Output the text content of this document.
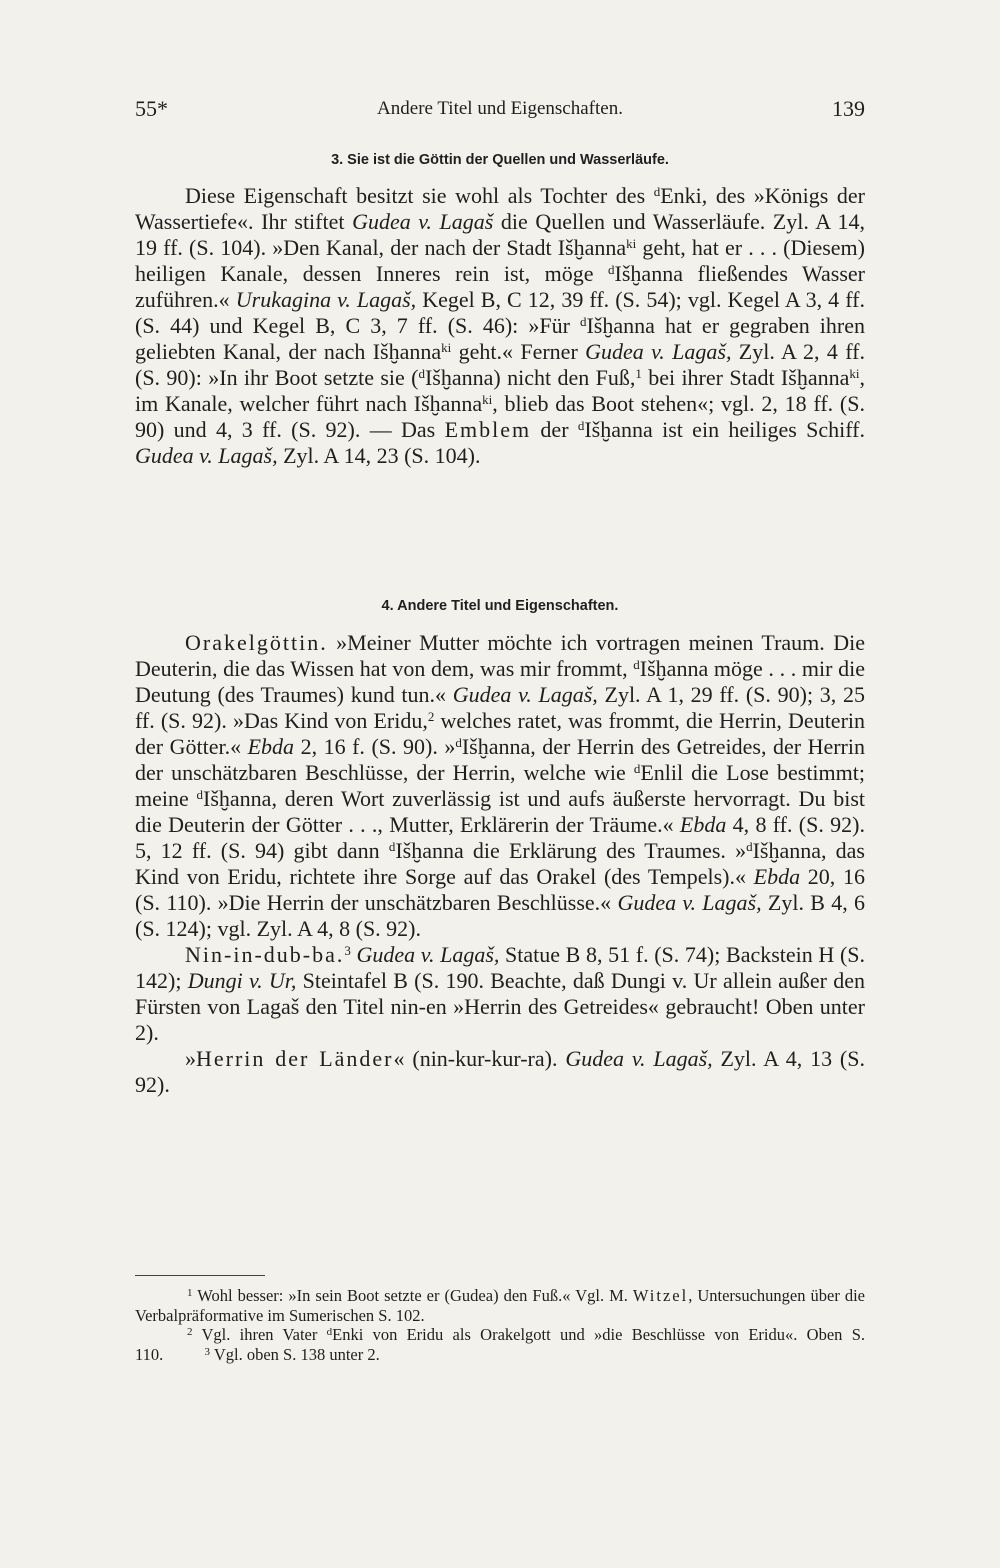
55*	Andere Titel und Eigenschaften.	139
3. Sie ist die Göttin der Quellen und Wasserläufe.

Diese Eigenschaft besitzt sie wohl als Tochter des $^d$Enki, des »Königs der Wassertiefe«. Ihr stiftet Gudea v. Lagaš die Quellen und Wasserläufe. Zyl. A 14, 19 ff. (S. 104). »Den Kanal, der nach der Stadt Išḫanna$^{ki}$ geht, hat er . . . (Diesem) heiligen Kanale, dessen Inneres rein ist, möge $^d$Išḫanna fließendes Wasser zuführen.« Urukagina v. Lagaš, Kegel B, C 12, 39 ff. (S. 54); vgl. Kegel A 3, 4 ff. (S. 44) und Kegel B, C 3, 7 ff. (S. 46): »Für $^d$Išḫanna hat er gegraben ihren geliebten Kanal, der nach Išḫanna$^{ki}$ geht.« Ferner Gudea v. Lagaš, Zyl. A 2, 4 ff. (S. 90): »In ihr Boot setzte sie ($^d$Išḫanna) nicht den Fuß,$^1$ bei ihrer Stadt Išḫanna$^{ki}$, im Kanale, welcher führt nach Išḫanna$^{ki}$, blieb das Boot stehen«; vgl. 2, 18 ff. (S. 90) und 4, 3 ff. (S. 92). — Das Emblem der $^d$Išḫanna ist ein heiliges Schiff. Gudea v. Lagaš, Zyl. A 14, 23 (S. 104).

4. Andere Titel und Eigenschaften.

Orakelgöttin. »Meiner Mutter möchte ich vortragen meinen Traum. Die Deuterin, die das Wissen hat von dem, was mir frommt, $^d$Išḫanna möge . . . mir die Deutung (des Traumes) kund tun.« Gudea v. Lagaš, Zyl. A 1, 29 ff. (S. 90); 3, 25 ff. (S. 92). »Das Kind von Eridu,$^2$ welches ratet, was frommt, die Herrin, Deuterin der Götter.« Ebda 2, 16 f. (S. 90). »$^d$Išḫanna, der Herrin des Getreides, der Herrin der unschätzbaren Beschlüsse, der Herrin, welche wie $^d$Enlil die Lose bestimmt; meine $^d$Išḫanna, deren Wort zuverlässig ist und aufs äußerste hervorragt. Du bist die Deuterin der Götter . . ., Mutter, Erklärerin der Träume.« Ebda 4, 8 ff. (S. 92). 5, 12 ff. (S. 94) gibt dann $^d$Išḫanna die Erklärung des Traumes. »$^d$Išḫanna, das Kind von Eridu, richtete ihre Sorge auf das Orakel (des Tempels).« Ebda 20, 16 (S. 110). »Die Herrin der unschätzbaren Beschlüsse.« Gudea v. Lagaš, Zyl. B 4, 6 (S. 124); vgl. Zyl. A 4, 8 (S. 92).

Nin-in-dub-ba.$^3$ Gudea v. Lagaš, Statue B 8, 51 f. (S. 74); Backstein H (S. 142); Dungi v. Ur, Steintafel B (S. 190. Beachte, daß Dungi v. Ur allein außer den Fürsten von Lagaš den Titel nin-en »Herrin des Getreides« gebraucht! Oben unter 2).

»Herrin der Länder« (nin-kur-kur-ra). Gudea v. Lagaš, Zyl. A 4, 13 (S. 92).

$^1$ Wohl besser: »In sein Boot setzte er (Gudea) den Fuß.« Vgl. M. Witzel, Untersuchungen über die Verbalpräformative im Sumerischen S. 102.

$^2$ Vgl. ihren Vater $^d$Enki von Eridu als Orakelgott und »die Beschlüsse von Eridu«. Oben S. 110.	$^3$ Vgl. oben S. 138 unter 2.
